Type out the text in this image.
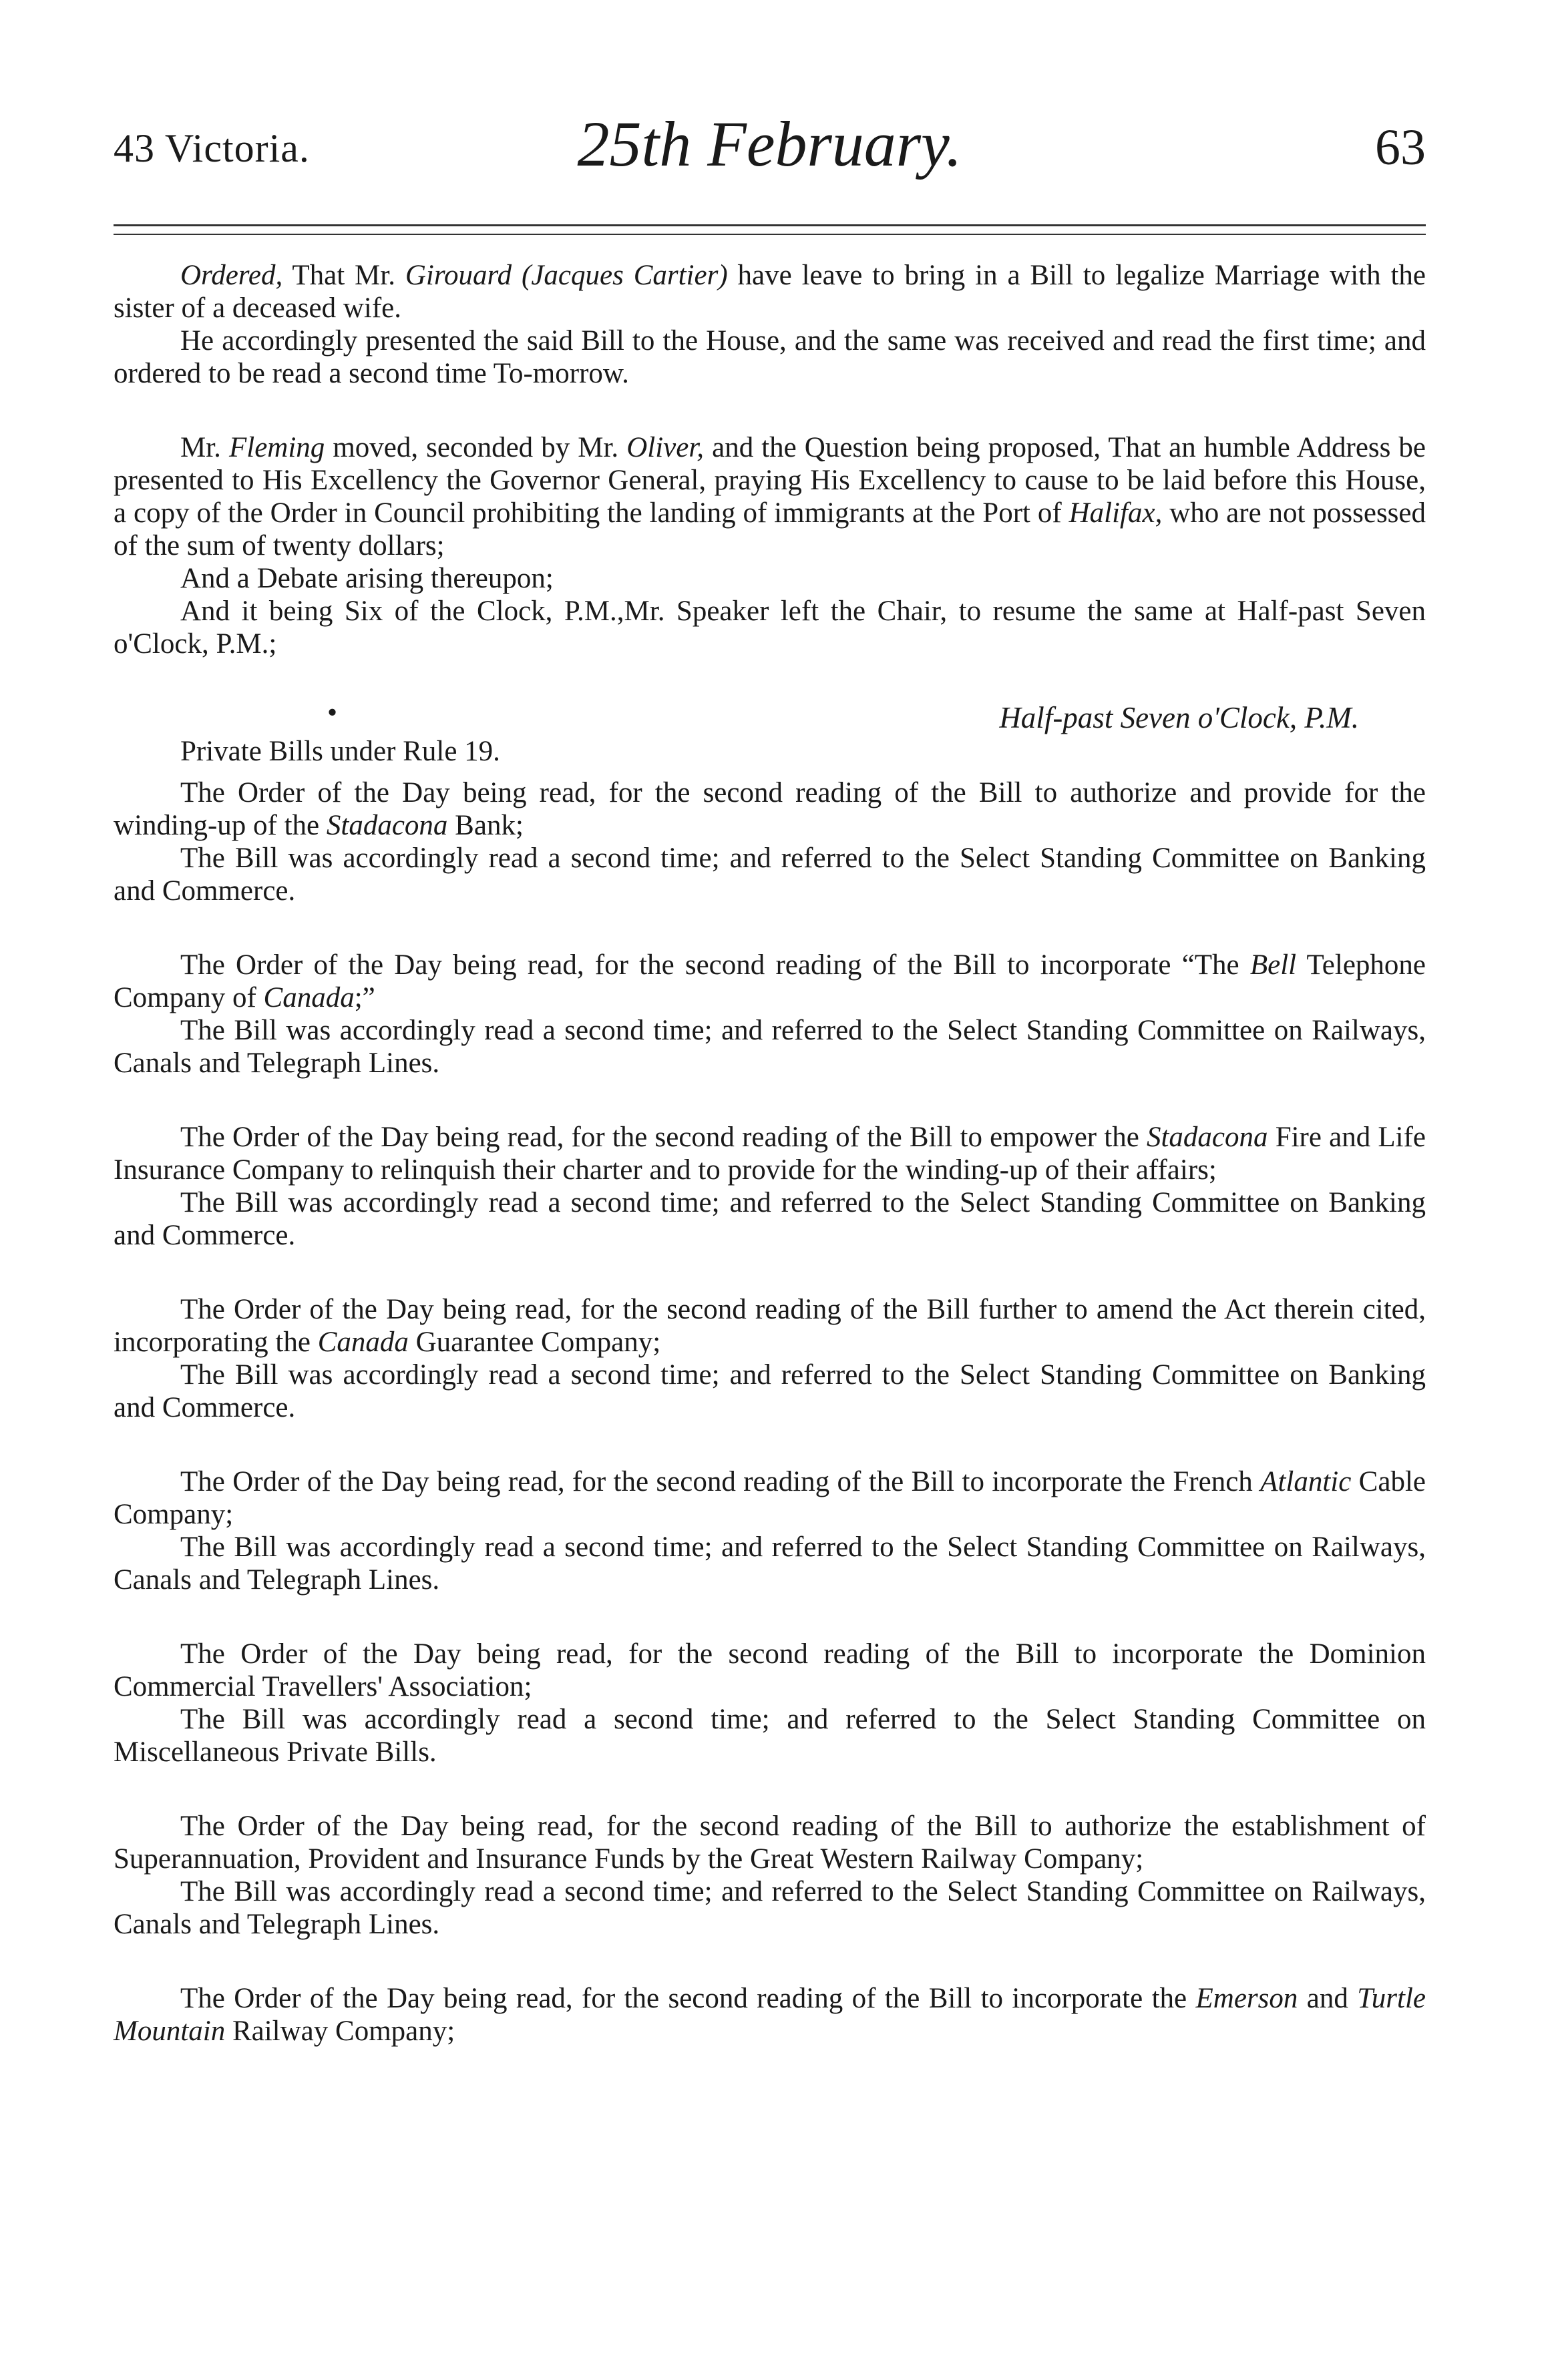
43 Victoria.	25th February.	63

Ordered, That Mr. Girouard (Jacques Cartier) have leave to bring in a Bill to legalize Marriage with the sister of a deceased wife.

He accordingly presented the said Bill to the House, and the same was received and read the first time; and ordered to be read a second time To-morrow.

Mr. Fleming moved, seconded by Mr. Oliver, and the Question being proposed, That an humble Address be presented to His Excellency the Governor General, praying His Excellency to cause to be laid before this House, a copy of the Order in Council prohibiting the landing of immigrants at the Port of Halifax, who are not possessed of the sum of twenty dollars;

And a Debate arising thereupon;

And it being Six of the Clock, P.M.,Mr. Speaker left the Chair, to resume the same at Half-past Seven o'Clock, P.M.;

•	Half-past Seven o'Clock, P.M.
Private Bills under Rule 19.

The Order of the Day being read, for the second reading of the Bill to authorize and provide for the winding-up of the Stadacona Bank;

The Bill was accordingly read a second time; and referred to the Select Standing Committee on Banking and Commerce.

The Order of the Day being read, for the second reading of the Bill to incorporate “The Bell Telephone Company of Canada;”

The Bill was accordingly read a second time; and referred to the Select Standing Committee on Railways, Canals and Telegraph Lines.

The Order of the Day being read, for the second reading of the Bill to empower the Stadacona Fire and Life Insurance Company to relinquish their charter and to provide for the winding-up of their affairs;

The Bill was accordingly read a second time; and referred to the Select Standing Committee on Banking and Commerce.

The Order of the Day being read, for the second reading of the Bill further to amend the Act therein cited, incorporating the Canada Guarantee Company;

The Bill was accordingly read a second time; and referred to the Select Standing Committee on Banking and Commerce.

The Order of the Day being read, for the second reading of the Bill to incorporate the French Atlantic Cable Company;

The Bill was accordingly read a second time; and referred to the Select Standing Committee on Railways, Canals and Telegraph Lines.

The Order of the Day being read, for the second reading of the Bill to incorporate the Dominion Commercial Travellers' Association;

The Bill was accordingly read a second time; and referred to the Select Standing Committee on Miscellaneous Private Bills.

The Order of the Day being read, for the second reading of the Bill to authorize the establishment of Superannuation, Provident and Insurance Funds by the Great Western Railway Company;

The Bill was accordingly read a second time; and referred to the Select Standing Committee on Railways, Canals and Telegraph Lines.

The Order of the Day being read, for the second reading of the Bill to incorporate the Emerson and Turtle Mountain Railway Company;
